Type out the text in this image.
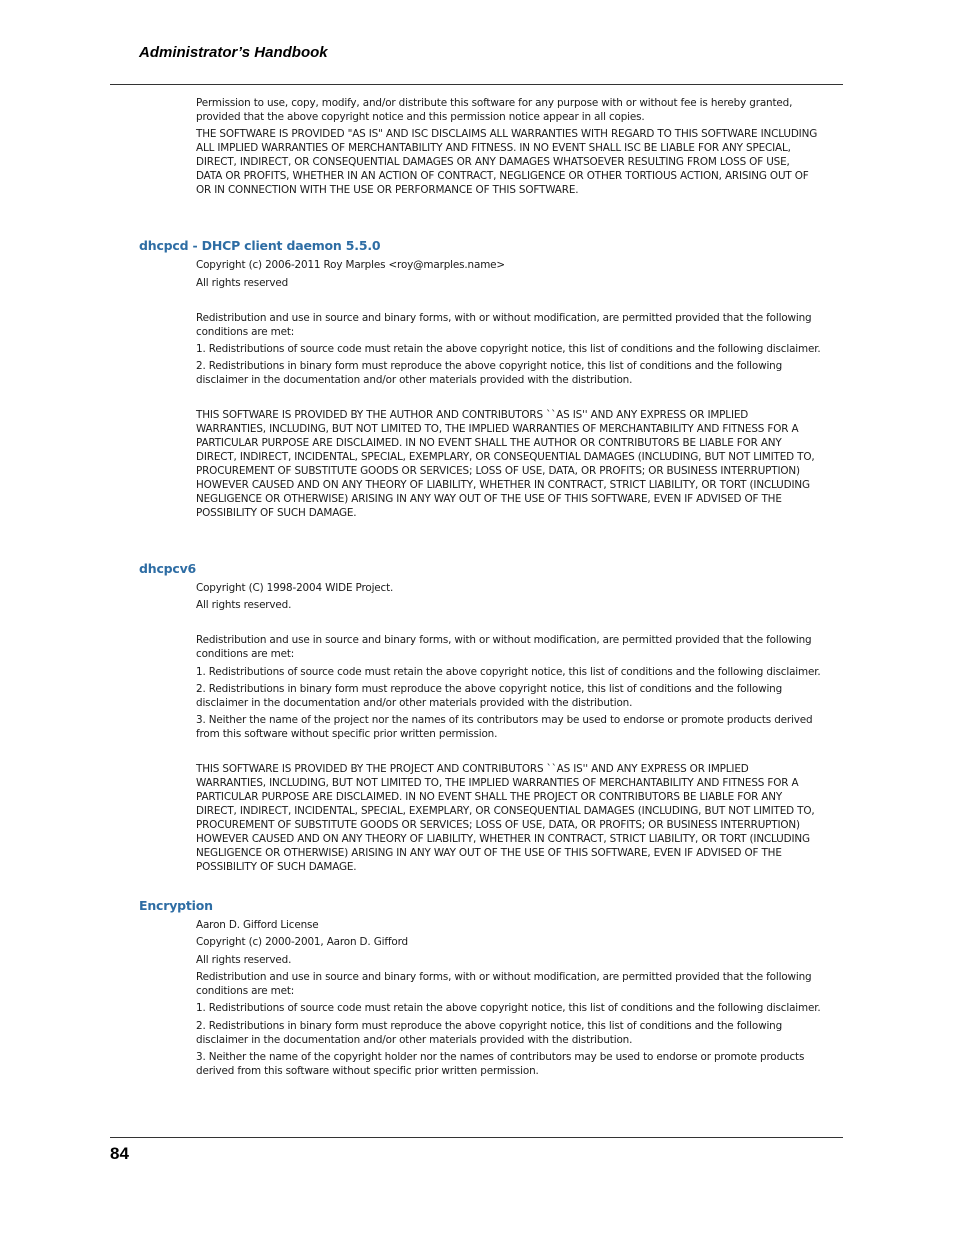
Administrator’s Handbook

Permission to use, copy, modify, and/or distribute this software for any purpose with or without fee is hereby granted, provided that the above copyright notice and this permission notice appear in all copies.

THE SOFTWARE IS PROVIDED "AS IS" AND ISC DISCLAIMS ALL WARRANTIES WITH REGARD TO THIS SOFTWARE INCLUDING ALL IMPLIED WARRANTIES OF MERCHANTABILITY AND FITNESS. IN NO EVENT SHALL ISC BE LIABLE FOR ANY SPECIAL, DIRECT, INDIRECT, OR CONSEQUENTIAL DAMAGES OR ANY DAMAGES WHATSOEVER RESULTING FROM LOSS OF USE, DATA OR PROFITS, WHETHER IN AN ACTION OF CONTRACT, NEGLIGENCE OR OTHER TORTIOUS ACTION, ARISING OUT OF OR IN CONNECTION WITH THE USE OR PERFORMANCE OF THIS SOFTWARE.

dhcpcd - DHCP client daemon 5.5.0

Copyright (c) 2006-2011 Roy Marples <roy@marples.name>

All rights reserved

Redistribution and use in source and binary forms, with or without modification, are permitted provided that the following conditions are met:

1. Redistributions of source code must retain the above copyright notice, this list of conditions and the following disclaimer.

2. Redistributions in binary form must reproduce the above copyright notice, this list of conditions and the following disclaimer in the documentation and/or other materials provided with the distribution.

THIS SOFTWARE IS PROVIDED BY THE AUTHOR AND CONTRIBUTORS ``AS IS'' AND ANY EXPRESS OR IMPLIED WARRANTIES, INCLUDING, BUT NOT LIMITED TO, THE IMPLIED WARRANTIES OF MERCHANTABILITY AND FITNESS FOR A PARTICULAR PURPOSE ARE DISCLAIMED. IN NO EVENT SHALL THE AUTHOR OR CONTRIBUTORS BE LIABLE FOR ANY DIRECT, INDIRECT, INCIDENTAL, SPECIAL, EXEMPLARY, OR CONSEQUENTIAL DAMAGES (INCLUDING, BUT NOT LIMITED TO, PROCUREMENT OF SUBSTITUTE GOODS OR SERVICES; LOSS OF USE, DATA, OR PROFITS; OR BUSINESS INTERRUPTION) HOWEVER CAUSED AND ON ANY THEORY OF LIABILITY, WHETHER IN CONTRACT, STRICT LIABILITY, OR TORT (INCLUDING NEGLIGENCE OR OTHERWISE) ARISING IN ANY WAY OUT OF THE USE OF THIS SOFTWARE, EVEN IF ADVISED OF THE POSSIBILITY OF SUCH DAMAGE.

dhcpcv6

Copyright (C) 1998-2004 WIDE Project.

All rights reserved.

Redistribution and use in source and binary forms, with or without modification, are permitted provided that the following conditions are met:

1. Redistributions of source code must retain the above copyright notice, this list of conditions and the following disclaimer.

2. Redistributions in binary form must reproduce the above copyright notice, this list of conditions and the following disclaimer in the documentation and/or other materials provided with the distribution.

3. Neither the name of the project nor the names of its contributors may be used to endorse or promote products derived from this software without specific prior written permission.

THIS SOFTWARE IS PROVIDED BY THE PROJECT AND CONTRIBUTORS ``AS IS'' AND ANY EXPRESS OR IMPLIED WARRANTIES, INCLUDING, BUT NOT LIMITED TO, THE IMPLIED WARRANTIES OF MERCHANTABILITY AND FITNESS FOR A PARTICULAR PURPOSE ARE DISCLAIMED. IN NO EVENT SHALL THE PROJECT OR CONTRIBUTORS BE LIABLE FOR ANY DIRECT, INDIRECT, INCIDENTAL, SPECIAL, EXEMPLARY, OR CONSEQUENTIAL DAMAGES (INCLUDING, BUT NOT LIMITED TO, PROCUREMENT OF SUBSTITUTE GOODS OR SERVICES; LOSS OF USE, DATA, OR PROFITS; OR BUSINESS INTERRUPTION) HOWEVER CAUSED AND ON ANY THEORY OF LIABILITY, WHETHER IN CONTRACT, STRICT LIABILITY, OR TORT (INCLUDING NEGLIGENCE OR OTHERWISE) ARISING IN ANY WAY OUT OF THE USE OF THIS SOFTWARE, EVEN IF ADVISED OF THE POSSIBILITY OF SUCH DAMAGE.

Encryption

Aaron D. Gifford License

Copyright (c) 2000-2001, Aaron D. Gifford

All rights reserved.

Redistribution and use in source and binary forms, with or without modification, are permitted provided that the following conditions are met:

1. Redistributions of source code must retain the above copyright notice, this list of conditions and the following disclaimer.

2. Redistributions in binary form must reproduce the above copyright notice, this list of conditions and the following disclaimer in the documentation and/or other materials provided with the distribution.

3. Neither the name of the copyright holder nor the names of contributors may be used to endorse or promote products derived from this software without specific prior written permission.

84
